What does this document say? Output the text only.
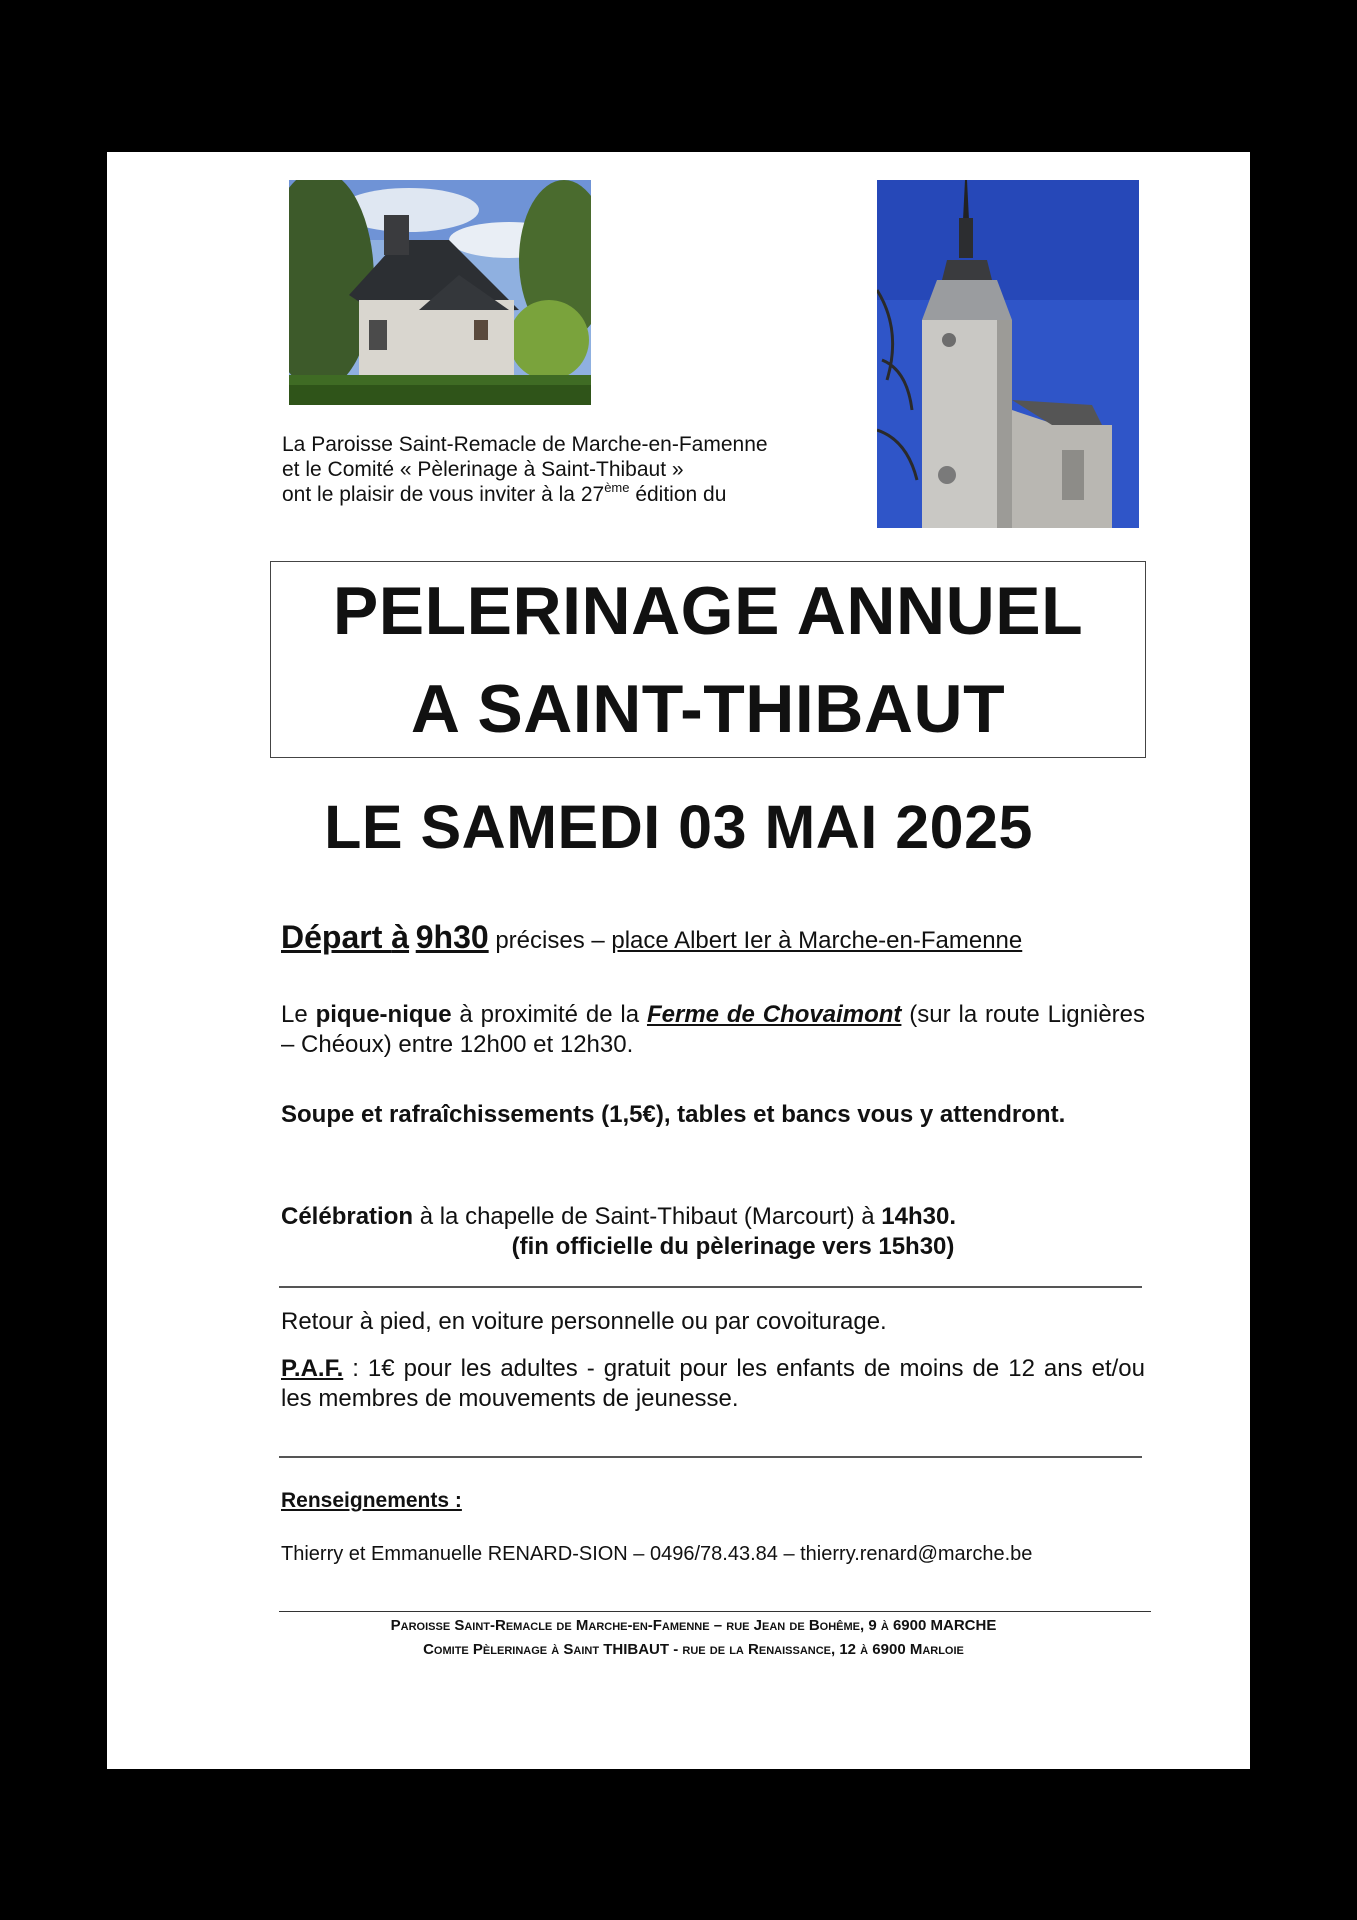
La Paroisse Saint-Remacle de Marche-en-Famenne

et le Comité « Pèlerinage à Saint-Thibaut »

ont le plaisir de vous inviter à la 27ème édition du

PELERINAGE ANNUEL
A SAINT-THIBAUT
LE SAMEDI 03 MAI 2025
Départ à 9h30 précises – place Albert Ier à Marche-en-Famenne
Le pique-nique à proximité de la Ferme de Chovaimont (sur la route Lignières – Chéoux) entre 12h00 et 12h30.
Soupe et rafraîchissements (1,5€), tables et bancs vous y attendront.

Célébration à la chapelle de Saint-Thibaut (Marcourt) à 14h30.

(fin officielle du pèlerinage vers 15h30)

Retour à pied, en voiture personnelle ou par covoiturage.
P.A.F. : 1€ pour les adultes - gratuit pour les enfants de moins de 12 ans et/ou les membres de mouvements de jeunesse.
Renseignements :
Thierry et Emmanuelle RENARD-SION – 0496/78.43.84 – thierry.renard@marche.be
Paroisse Saint-Remacle de Marche-en-Famenne – rue Jean de Bohême, 9 à 6900 MARCHE
Comite Pèlerinage à Saint THIBAUT - rue de la Renaissance, 12 à 6900 Marloie
